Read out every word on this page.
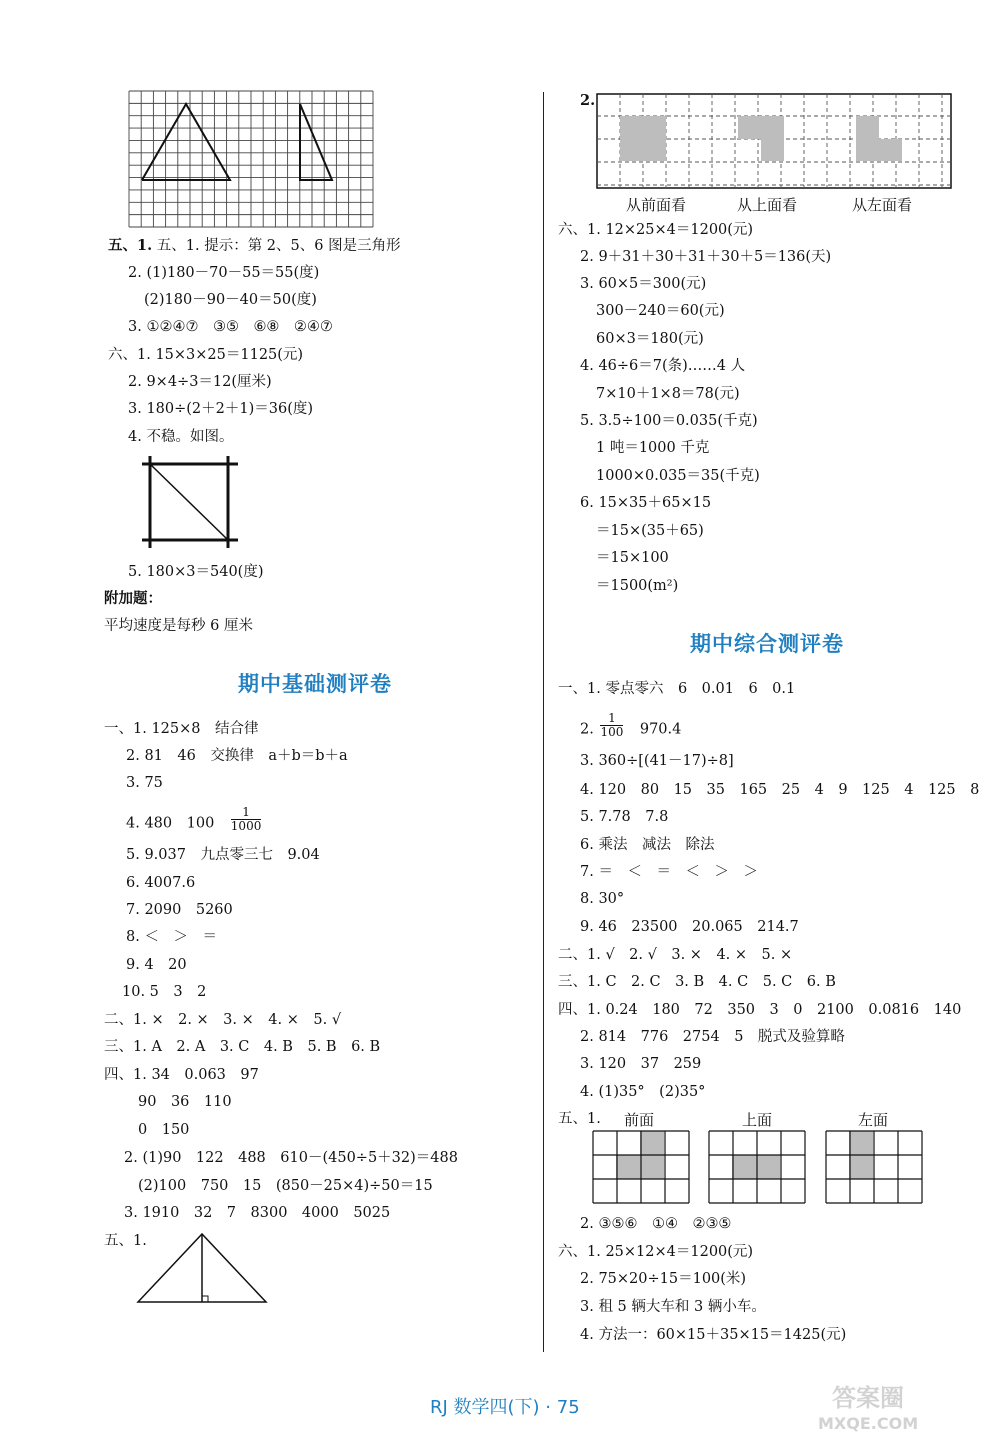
五、1. 五、1. 提示：第 2、5、6 图是三角形
2. (1)180－70－55＝55(度)
(2)180－90－40＝50(度)
3. ①②④⑦　③⑤　⑥⑧　②④⑦
六、1. 15×3×25＝1125(元)
2. 9×4÷3＝12(厘米)
3. 180÷(2＋2＋1)＝36(度)
4. 不稳。如图。
5. 180×3＝540(度)
附加题：
平均速度是每秒 6 厘米
期中基础测评卷
一、1. 125×8　结合律
2. 81　46　交换律　a＋b＝b＋a
3. 75
4. 480　100　 $\frac{1}{1000}$
5. 9.037　九点零三七　9.04
6. 4007.6
7. 2090　5260
8. ＜　＞　＝
9. 4　20
10. 5　3　2
二、1. ×　2. ×　3. ×　4. ×　5. √
三、1. A　2. A　3. C　4. B　5. B　6. B
四、1. 34　0.063　97
90　36　110
0　150
2. (1)90　122　488　610－(450÷5＋32)＝488
(2)100　750　15　(850－25×4)÷50＝15
3. 1910　32　7　8300　4000　5025
五、1.
2.
从前面看	从上面看	从左面看
六、1. 12×25×4＝1200(元)
2. 9＋31＋30＋31＋30＋5＝136(天)
3. 60×5＝300(元)
300－240＝60(元)
60×3＝180(元)
4. 46÷6＝7(条)……4 人
7×10＋1×8＝78(元)
5. 3.5÷100＝0.035(千克)
1 吨＝1000 千克
1000×0.035＝35(千克)
6. 15×35＋65×15
＝15×(35＋65)
＝15×100
＝1500(m²)
期中综合测评卷
一、1. 零点零六　6　0.01　6　0.1
2. $\frac{1}{100}$
　 970.4
3. 360÷[(41－17)÷8]
4. 120　80　15　35　165　25　4　9　125　4　125　8
5. 7.78　7.8
6. 乘法　减法　除法
7. ＝　＜　＝　＜　＞　＞
8. 30°
9. 46　23500　20.065　214.7
二、1. √　2. √　3. ×　4. ×　5. ×
三、1. C　2. C　3. B　4. C　5. C　6. B
四、1. 0.24　180　72　350　3　0　2100　0.0816　140
2. 814　776　2754　5　脱式及验算略
3. 120　37　259
4. (1)35°　(2)35°
五、1. 前面	上面	左面
2. ③⑤⑥　①④　②③⑤
六、1. 25×12×4＝1200(元)
2. 75×20÷15＝100(米)
3. 租 5 辆大车和 3 辆小车。
4. 方法一：60×15＋35×15＝1425(元)
RJ 数学四(下) · 75	答案圈
MXQE.COM
